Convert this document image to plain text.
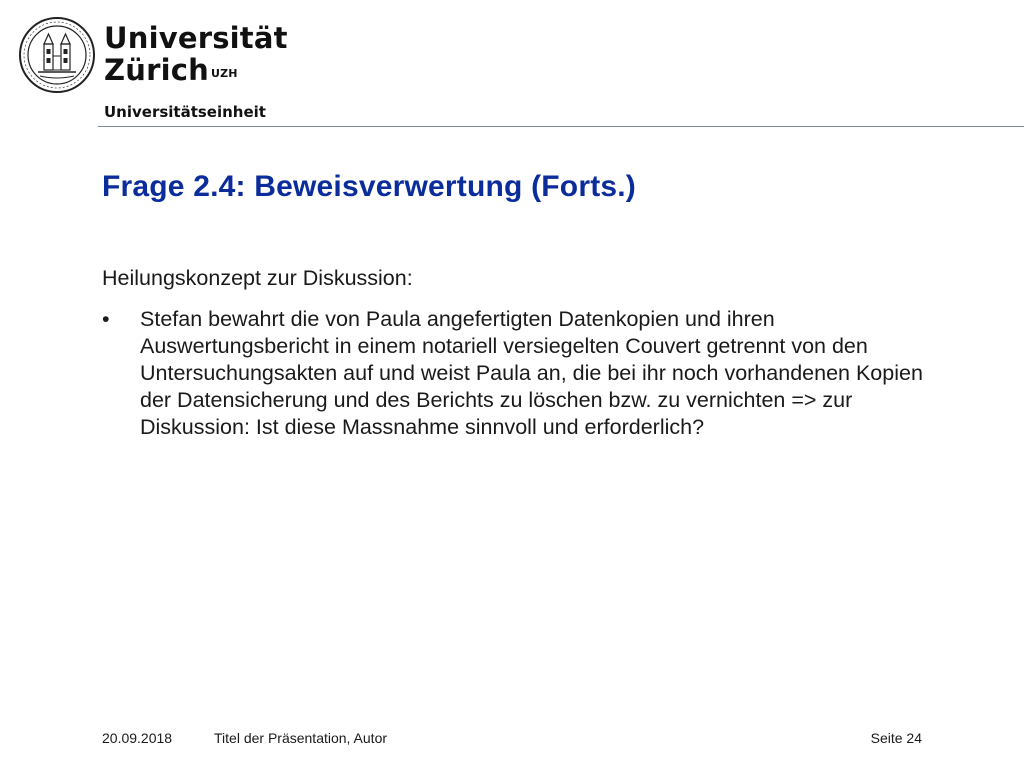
Universität
Zürich $^{UZH}$
Universitätseinheit
Frage 2.4: Beweisverwertung (Forts.)

Heilungskonzept zur Diskussion:

• Stefan bewahrt die von Paula angefertigten Datenkopien und ihren Auswertungsbericht in einem notariell versiegelten Couvert getrennt von den Untersuchungsakten auf und weist Paula an, die bei ihr noch vorhandenen Kopien der Datensicherung und des Berichts zu löschen bzw. zu vernichten => zur Diskussion: Ist diese Massnahme sinnvoll und erforderlich?
20.09.2018	Titel der Präsentation, Autor	Seite 24
